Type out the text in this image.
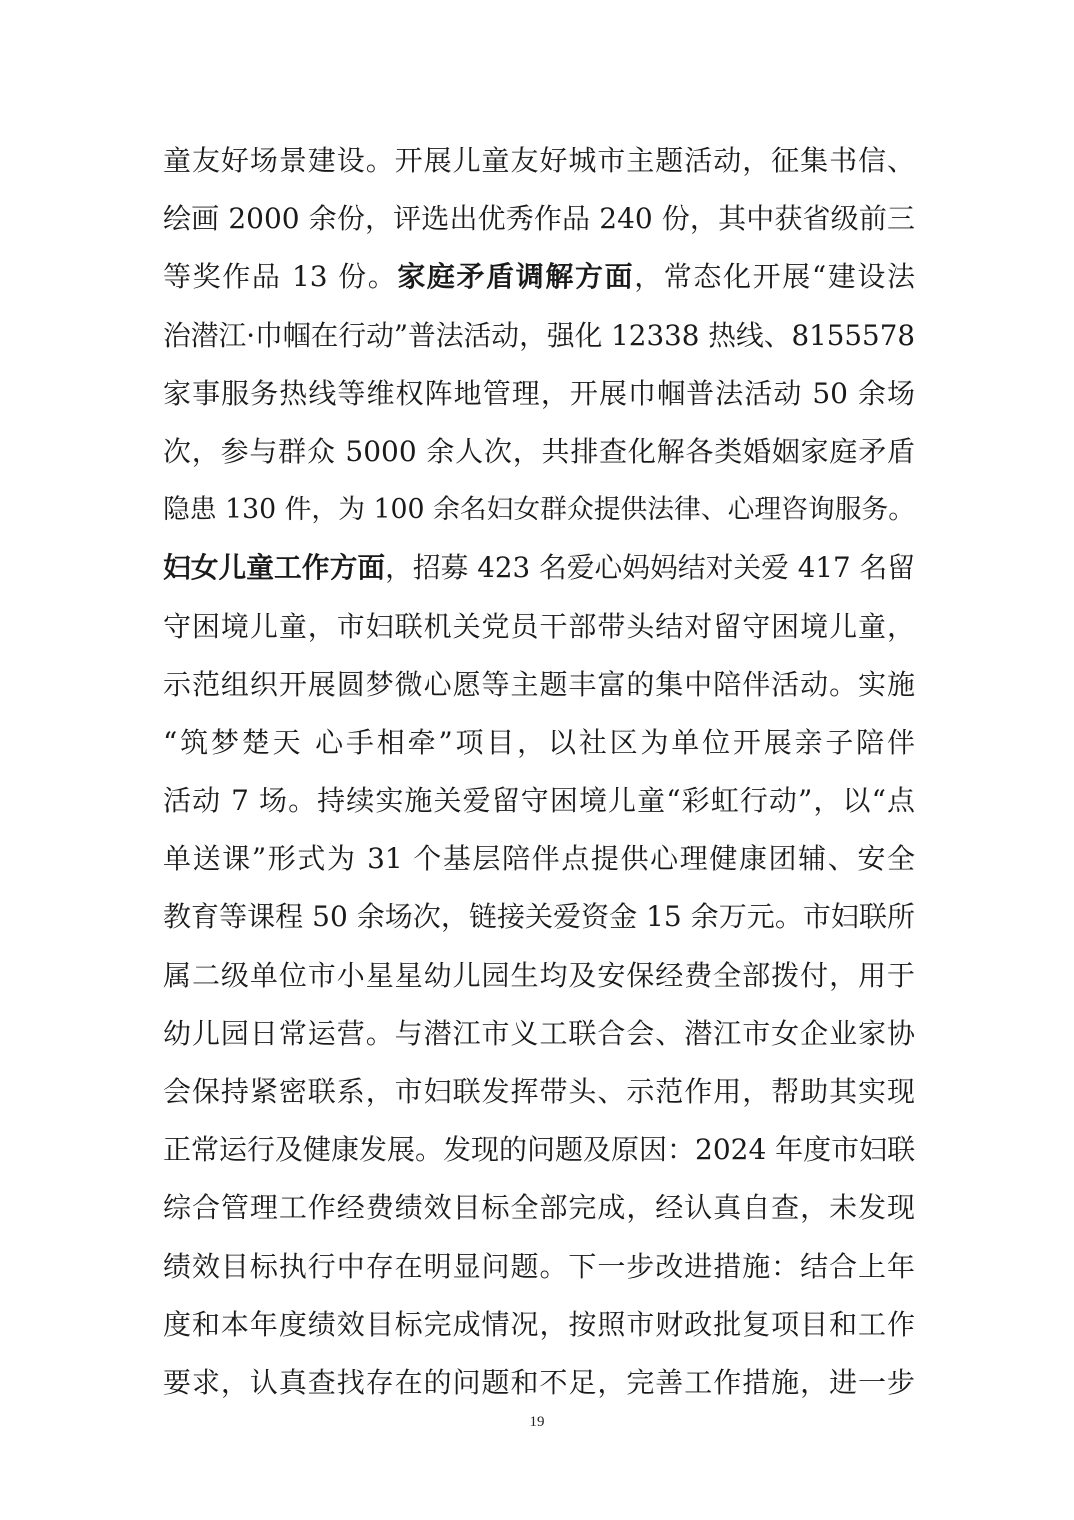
童友好场景建设。开展儿童友好城市主题活动，征集书信、
绘画 2000 余份，评选出优秀作品 240 份，其中获省级前三
等奖作品 13 份。家庭矛盾调解方面，常态化开展“建设法
治潜江·巾帼在行动”普法活动，强化 12338 热线、8155578
家事服务热线等维权阵地管理，开展巾帼普法活动 50 余场
次，参与群众 5000 余人次，共排查化解各类婚姻家庭矛盾
隐患 130 件，为 100 余名妇女群众提供法律、心理咨询服务。
妇女儿童工作方面，招募 423 名爱心妈妈结对关爱 417 名留
守困境儿童，市妇联机关党员干部带头结对留守困境儿童，
示范组织开展圆梦微心愿等主题丰富的集中陪伴活动。实施
“筑梦楚天 心手相牵”项目，以社区为单位开展亲子陪伴
活动 7 场。持续实施关爱留守困境儿童“彩虹行动”，以“点
单送课”形式为 31 个基层陪伴点提供心理健康团辅、安全
教育等课程 50 余场次，链接关爱资金 15 余万元。市妇联所
属二级单位市小星星幼儿园生均及安保经费全部拨付，用于
幼儿园日常运营。与潜江市义工联合会、潜江市女企业家协
会保持紧密联系，市妇联发挥带头、示范作用，帮助其实现
正常运行及健康发展。发现的问题及原因：2024 年度市妇联
综合管理工作经费绩效目标全部完成，经认真自查，未发现
绩效目标执行中存在明显问题。下一步改进措施：结合上年
度和本年度绩效目标完成情况，按照市财政批复项目和工作
要求，认真查找存在的问题和不足，完善工作措施，进一步
19
